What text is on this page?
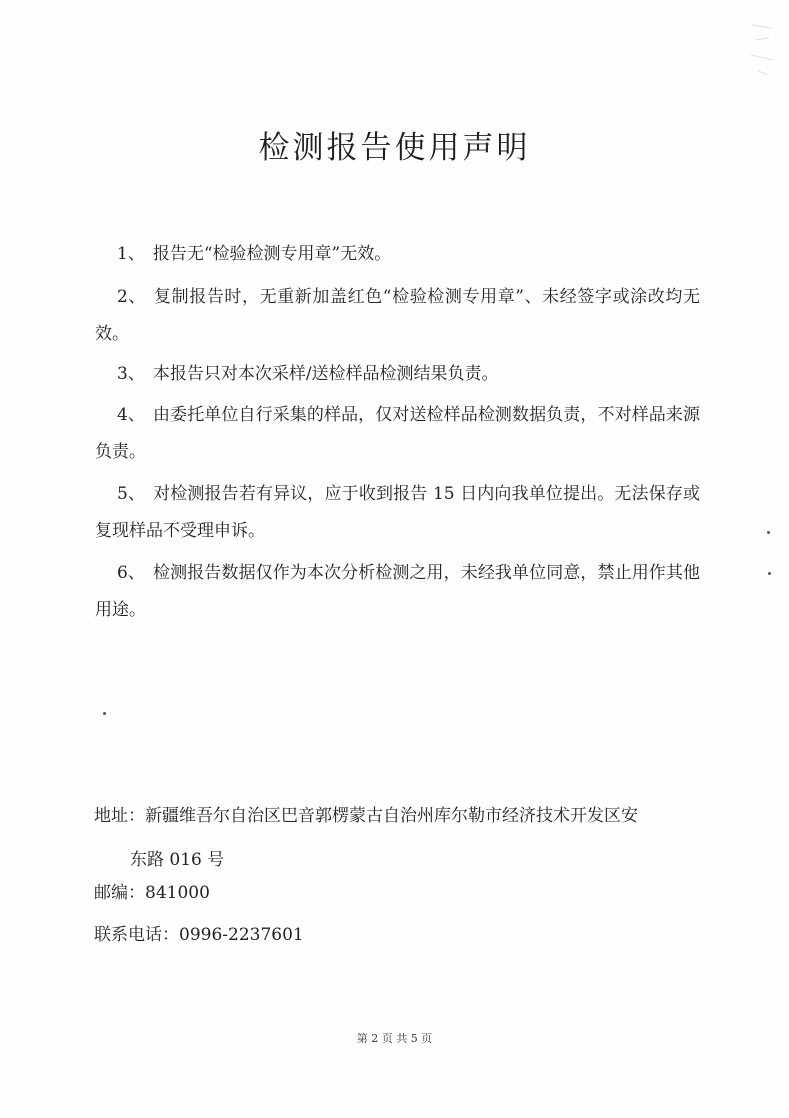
检测报告使用声明
1、 报告无“检验检测专用章”无效。
2、 复制报告时，无重新加盖红色“检验检测专用章”、未经签字或涂改均无效。
3、 本报告只对本次采样/送检样品检测结果负责。
4、 由委托单位自行采集的样品，仅对送检样品检测数据负责，不对样品来源负责。
5、 对检测报告若有异议，应于收到报告 15 日内向我单位提出。无法保存或复现样品不受理申诉。
6、 检测报告数据仅作为本次分析检测之用，未经我单位同意，禁止用作其他用途。
地址：新疆维吾尔自治区巴音郭楞蒙古自治州库尔勒市经济技术开发区安
东路 016 号
邮编：841000
联系电话：0996-2237601
第 2 页 共 5 页
